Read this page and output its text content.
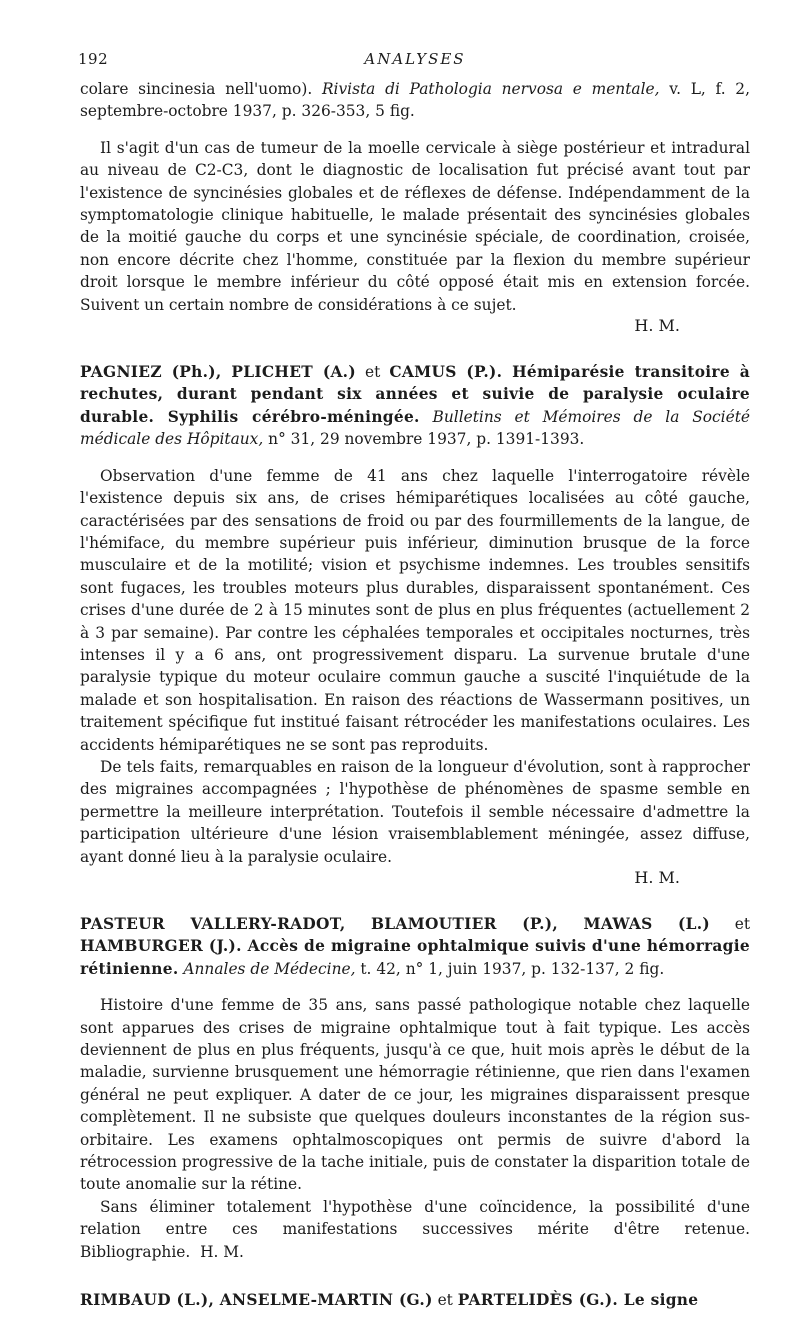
192	ANALYSES

colare sincinesia nell'uomo). Rivista di Pathologia nervosa e mentale, v. L, f. 2, septembre-octobre 1937, p. 326-353, 5 fig.

Il s'agit d'un cas de tumeur de la moelle cervicale à siège postérieur et intradural au niveau de C2-C3, dont le diagnostic de localisation fut précisé avant tout par l'existence de syncinésies globales et de réflexes de défense. Indépendamment de la symptomatologie clinique habituelle, le malade présentait des syncinésies globales de la moitié gauche du corps et une syncinésie spéciale, de coordination, croisée, non encore décrite chez l'homme, constituée par la flexion du membre supérieur droit lorsque le membre inférieur du côté opposé était mis en extension forcée. Suivent un certain nombre de considérations à ce sujet.

H. M.
PAGNIEZ (Ph.), PLICHET (A.) et CAMUS (P.). Hémiparésie transitoire à rechutes, durant pendant six années et suivie de paralysie oculaire durable. Syphilis cérébro-méningée. Bulletins et Mémoires de la Société médicale des Hôpitaux, n° 31, 29 novembre 1937, p. 1391-1393.

Observation d'une femme de 41 ans chez laquelle l'interrogatoire révèle l'existence depuis six ans, de crises hémiparétiques localisées au côté gauche, caractérisées par des sensations de froid ou par des fourmillements de la langue, de l'hémiface, du membre supérieur puis inférieur, diminution brusque de la force musculaire et de la motilité; vision et psychisme indemnes. Les troubles sensitifs sont fugaces, les troubles moteurs plus durables, disparaissent spontanément. Ces crises d'une durée de 2 à 15 minutes sont de plus en plus fréquentes (actuellement 2 à 3 par semaine). Par contre les céphalées temporales et occipitales nocturnes, très intenses il y a 6 ans, ont progressivement disparu. La survenue brutale d'une paralysie typique du moteur oculaire commun gauche a suscité l'inquiétude de la malade et son hospitalisation. En raison des réactions de Wassermann positives, un traitement spécifique fut institué faisant rétrocéder les manifestations oculaires. Les accidents hémiparétiques ne se sont pas reproduits.

De tels faits, remarquables en raison de la longueur d'évolution, sont à rapprocher des migraines accompagnées ; l'hypothèse de phénomènes de spasme semble en permettre la meilleure interprétation. Toutefois il semble nécessaire d'admettre la participation ultérieure d'une lésion vraisemblablement méningée, assez diffuse, ayant donné lieu à la paralysie oculaire.

H. M.
PASTEUR VALLERY-RADOT, BLAMOUTIER (P.), MAWAS (L.) et HAMBURGER (J.). Accès de migraine ophtalmique suivis d'une hémorragie rétinienne. Annales de Médecine, t. 42, n° 1, juin 1937, p. 132-137, 2 fig.

Histoire d'une femme de 35 ans, sans passé pathologique notable chez laquelle sont apparues des crises de migraine ophtalmique tout à fait typique. Les accès deviennent de plus en plus fréquents, jusqu'à ce que, huit mois après le début de la maladie, survienne brusquement une hémorragie rétinienne, que rien dans l'examen général ne peut expliquer. A dater de ce jour, les migraines disparaissent presque complètement. Il ne subsiste que quelques douleurs inconstantes de la région sus-orbitaire. Les examens ophtalmoscopiques ont permis de suivre d'abord la rétrocession progressive de la tache initiale, puis de constater la disparition totale de toute anomalie sur la rétine.

Sans éliminer totalement l'hypothèse d'une coïncidence, la possibilité d'une relation entre ces manifestations successives mérite d'être retenue. Bibliographie. H. M.

RIMBAUD (L.), ANSELME-MARTIN (G.) et PARTELIDÈS (G.). Le signe
